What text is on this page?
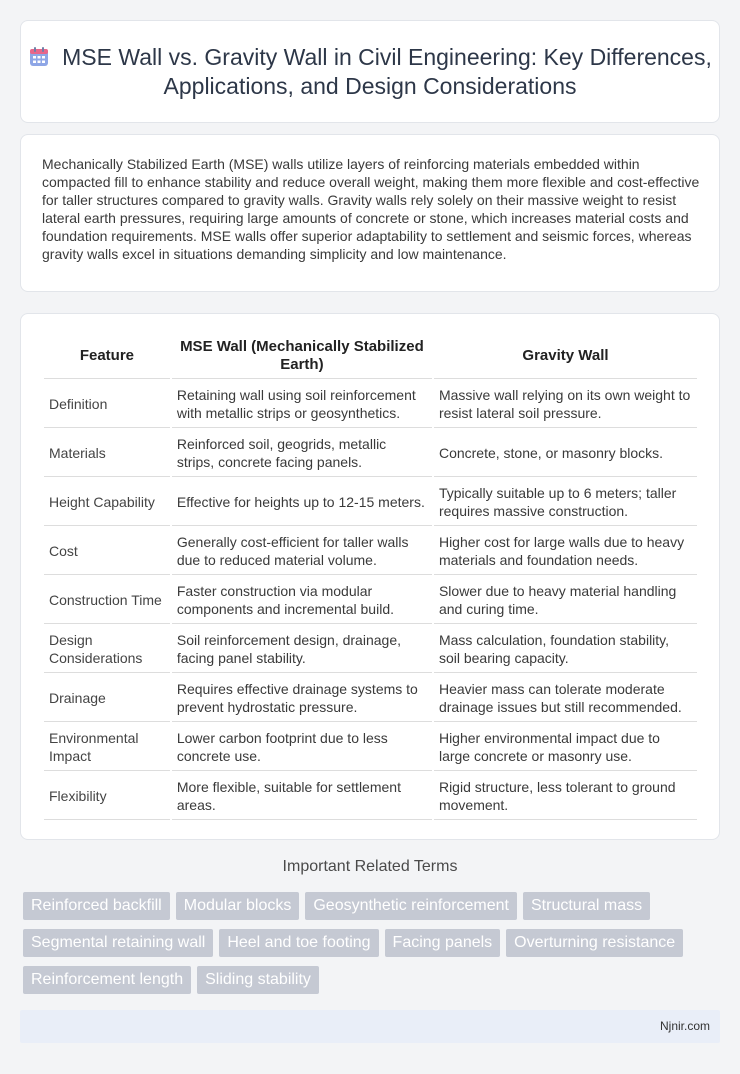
MSE Wall vs. Gravity Wall in Civil Engineering: Key Differences, Applications, and Design Considerations

Mechanically Stabilized Earth (MSE) walls utilize layers of reinforcing materials embedded within compacted fill to enhance stability and reduce overall weight, making them more flexible and cost-effective for taller structures compared to gravity walls. Gravity walls rely solely on their massive weight to resist lateral earth pressures, requiring large amounts of concrete or stone, which increases material costs and foundation requirements. MSE walls offer superior adaptability to settlement and seismic forces, whereas gravity walls excel in situations demanding simplicity and low maintenance.

Feature	MSE Wall (Mechanically Stabilized Earth)	Gravity Wall
Definition	Retaining wall using soil reinforcement with metallic strips or geosynthetics.	Massive wall relying on its own weight to resist lateral soil pressure.
Materials	Reinforced soil, geogrids, metallic strips, concrete facing panels.	Concrete, stone, or masonry blocks.
Height Capability	Effective for heights up to 12-15 meters.	Typically suitable up to 6 meters; taller requires massive construction.
Cost	Generally cost-efficient for taller walls due to reduced material volume.	Higher cost for large walls due to heavy materials and foundation needs.
Construction Time	Faster construction via modular components and incremental build.	Slower due to heavy material handling and curing time.
Design Considerations	Soil reinforcement design, drainage, facing panel stability.	Mass calculation, foundation stability, soil bearing capacity.
Drainage	Requires effective drainage systems to prevent hydrostatic pressure.	Heavier mass can tolerate moderate drainage issues but still recommended.
Environmental Impact	Lower carbon footprint due to less concrete use.	Higher environmental impact due to large concrete or masonry use.
Flexibility	More flexible, suitable for settlement areas.	Rigid structure, less tolerant to ground movement.
Important Related Terms
Reinforced backfill Modular blocks Geosynthetic reinforcement Structural massSegmental retaining wall Heel and toe footing Facing panels Overturning resistanceReinforcement length Sliding stability
Njnir.com
